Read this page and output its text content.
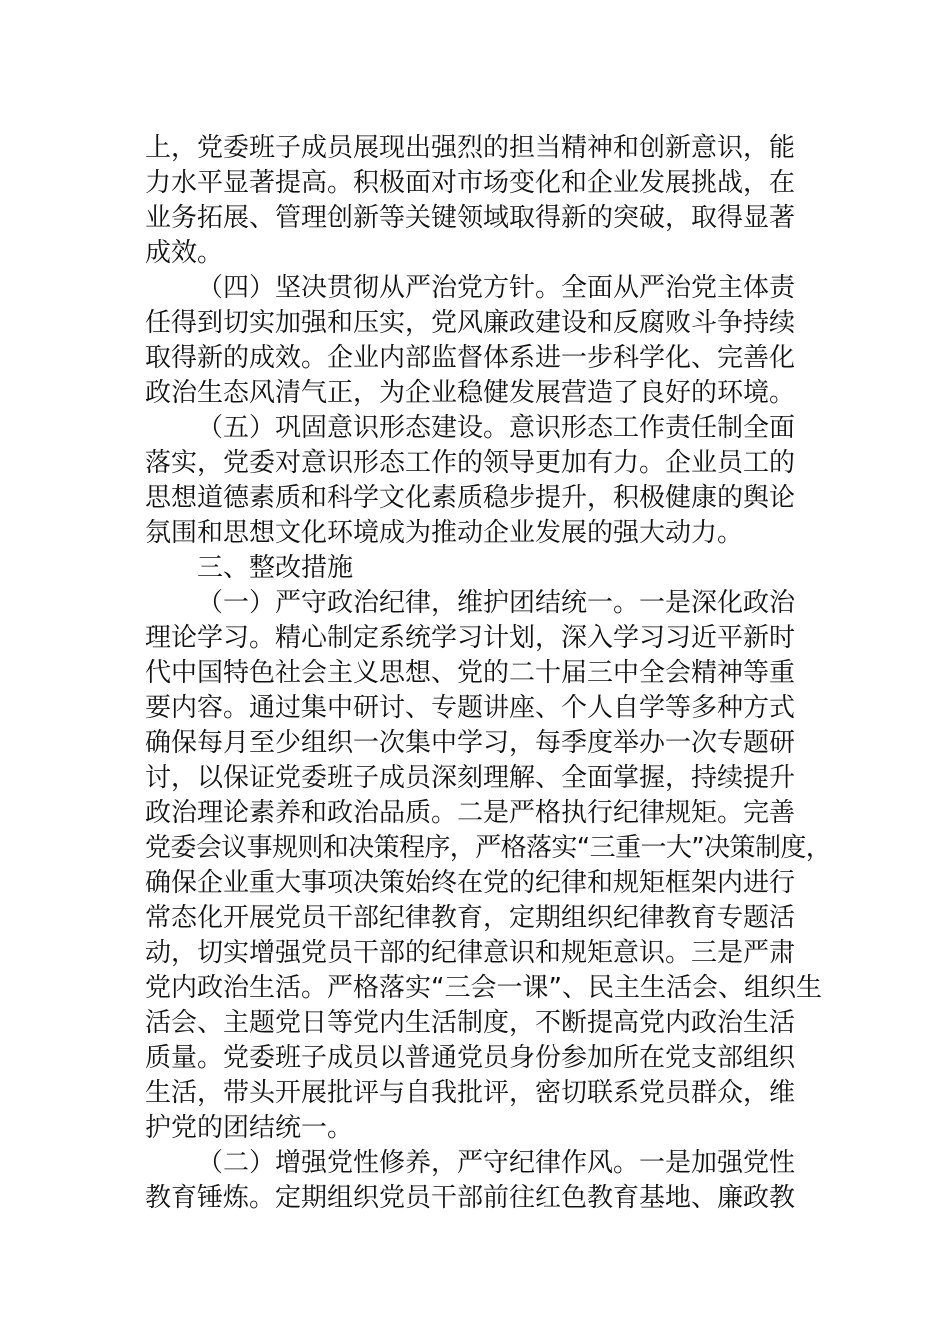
上，党委班子成员展现出强烈的担当精神和创新意识，能
力水平显著提高。积极面对市场变化和企业发展挑战，在
业务拓展、管理创新等关键领域取得新的突破，取得显著
成效。
（四）坚决贯彻从严治党方针。全面从严治党主体责
任得到切实加强和压实，党风廉政建设和反腐败斗争持续
取得新的成效。企业内部监督体系进一步科学化、完善化
政治生态风清气正，为企业稳健发展营造了良好的环境。
（五）巩固意识形态建设。意识形态工作责任制全面
落实，党委对意识形态工作的领导更加有力。企业员工的
思想道德素质和科学文化素质稳步提升，积极健康的舆论
氛围和思想文化环境成为推动企业发展的强大动力。
三、整改措施
（一）严守政治纪律，维护团结统一。一是深化政治
理论学习。精心制定系统学习计划，深入学习习近平新时
代中国特色社会主义思想、党的二十届三中全会精神等重
要内容。通过集中研讨、专题讲座、个人自学等多种方式
确保每月至少组织一次集中学习，每季度举办一次专题研
讨，以保证党委班子成员深刻理解、全面掌握，持续提升
政治理论素养和政治品质。二是严格执行纪律规矩。完善
党委会议事规则和决策程序，严格落实“三重一大”决策制度，
确保企业重大事项决策始终在党的纪律和规矩框架内进行
常态化开展党员干部纪律教育，定期组织纪律教育专题活
动，切实增强党员干部的纪律意识和规矩意识。三是严肃
党内政治生活。严格落实“三会一课”、民主生活会、组织生
活会、主题党日等党内生活制度，不断提高党内政治生活
质量。党委班子成员以普通党员身份参加所在党支部组织
生活，带头开展批评与自我批评，密切联系党员群众，维
护党的团结统一。
（二）增强党性修养，严守纪律作风。一是加强党性
教育锤炼。定期组织党员干部前往红色教育基地、廉政教
